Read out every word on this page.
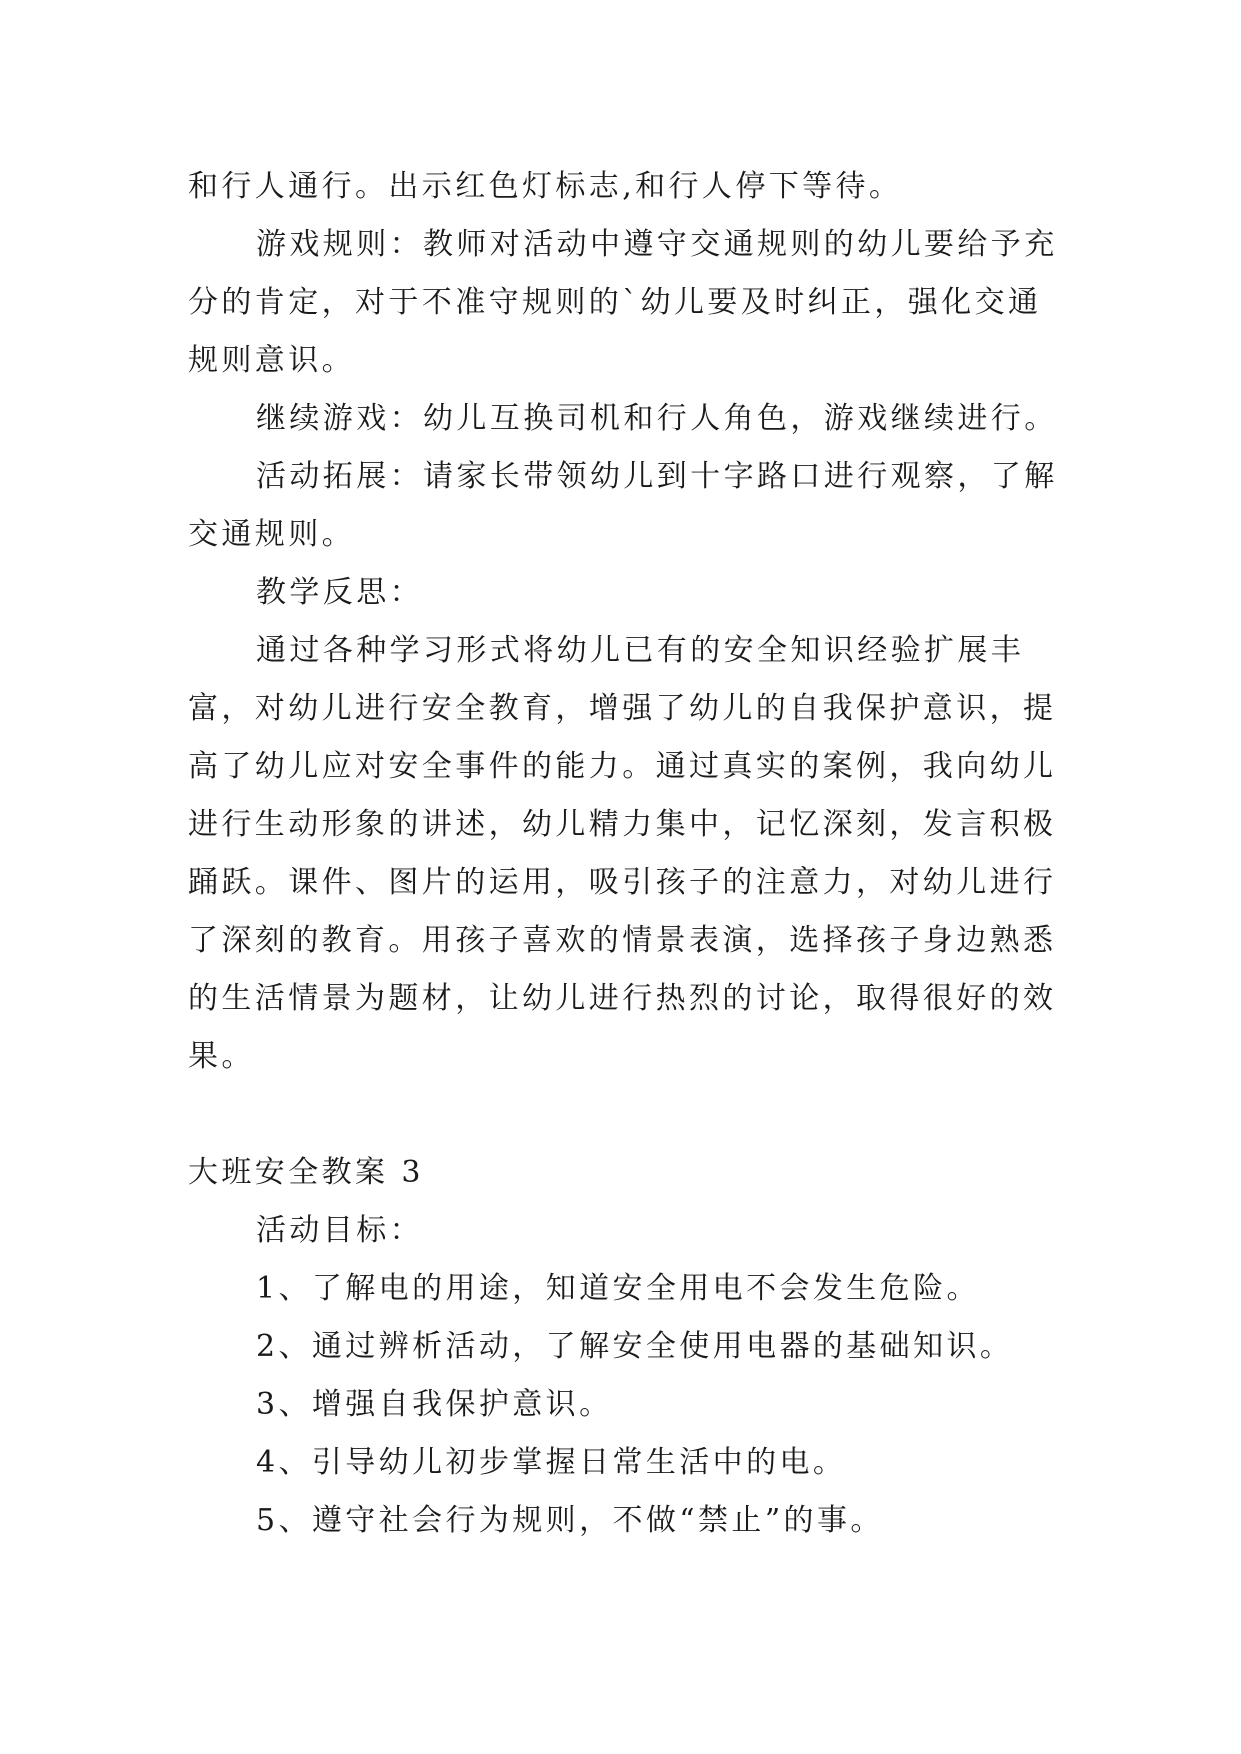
和行人通行。出示红色灯标志,和行人停下等待。
游戏规则：教师对活动中遵守交通规则的幼儿要给予充
分的肯定，对于不准守规则的`幼儿要及时纠正，强化交通
规则意识。
继续游戏：幼儿互换司机和行人角色，游戏继续进行。
活动拓展：请家长带领幼儿到十字路口进行观察，了解
交通规则。
教学反思：
通过各种学习形式将幼儿已有的安全知识经验扩展丰
富，对幼儿进行安全教育，增强了幼儿的自我保护意识，提
高了幼儿应对安全事件的能力。通过真实的案例，我向幼儿
进行生动形象的讲述，幼儿精力集中，记忆深刻，发言积极
踊跃。课件、图片的运用，吸引孩子的注意力，对幼儿进行
了深刻的教育。用孩子喜欢的情景表演，选择孩子身边熟悉
的生活情景为题材，让幼儿进行热烈的讨论，取得很好的效
果。
大班安全教案 3
活动目标：
1、了解电的用途，知道安全用电不会发生危险。
2、通过辨析活动，了解安全使用电器的基础知识。
3、增强自我保护意识。
4、引导幼儿初步掌握日常生活中的电。
5、遵守社会行为规则，不做“禁止”的事。
